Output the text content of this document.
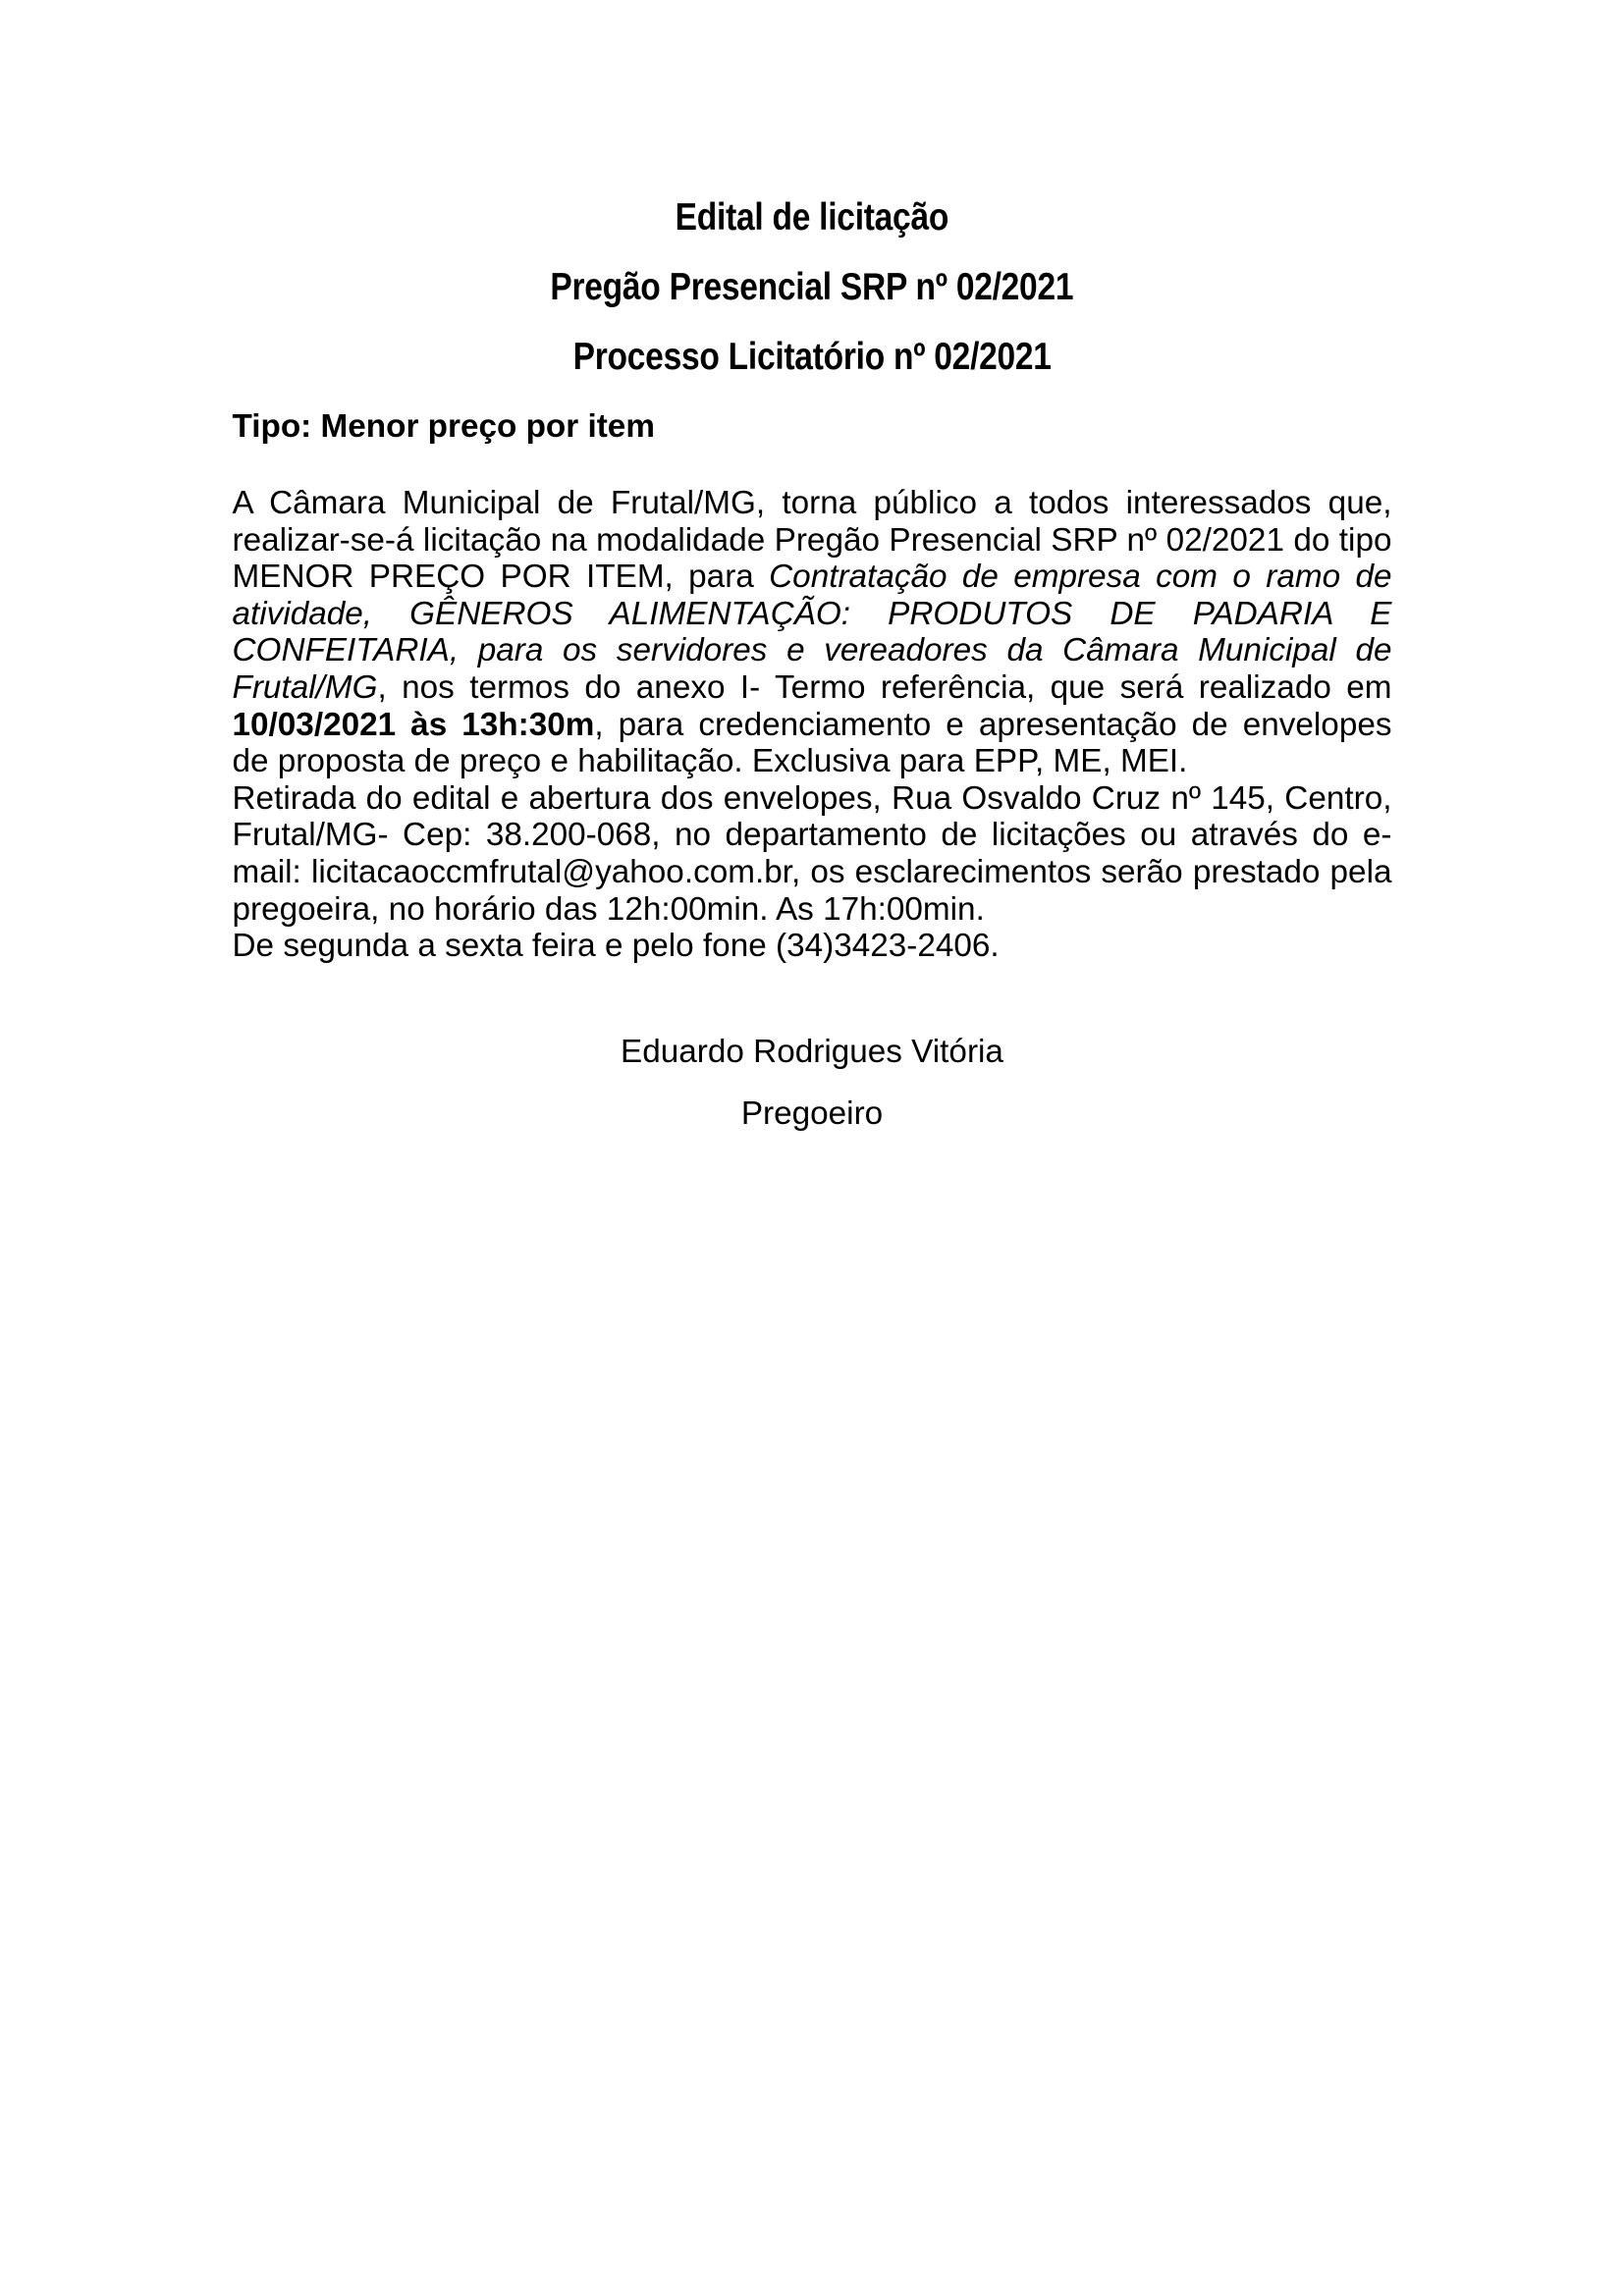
Edital de licitação
Pregão Presencial SRP nº 02/2021
Processo Licitatório nº 02/2021
Tipo: Menor preço por item
A Câmara Municipal de Frutal/MG, torna público a todos interessados que, realizar-se-á licitação na modalidade Pregão Presencial SRP nº 02/2021 do tipo MENOR PREÇO POR ITEM, para Contratação de empresa com o ramo de atividade, GÊNEROS ALIMENTAÇÃO: PRODUTOS DE PADARIA E CONFEITARIA, para os servidores e vereadores da Câmara Municipal de Frutal/MG, nos termos do anexo I- Termo referência, que será realizado em 10/03/2021 às 13h:30m, para credenciamento e apresentação de envelopes de proposta de preço e habilitação. Exclusiva para EPP, ME, MEI.
Retirada do edital e abertura dos envelopes, Rua Osvaldo Cruz nº 145, Centro, Frutal/MG- Cep: 38.200-068, no departamento de licitações ou através do e-mail: licitacaoccmfrutal@yahoo.com.br, os esclarecimentos serão prestado pela pregoeira, no horário das 12h:00min. As 17h:00min.
De segunda a sexta feira e pelo fone (34)3423-2406.
Eduardo Rodrigues Vitória
Pregoeiro
